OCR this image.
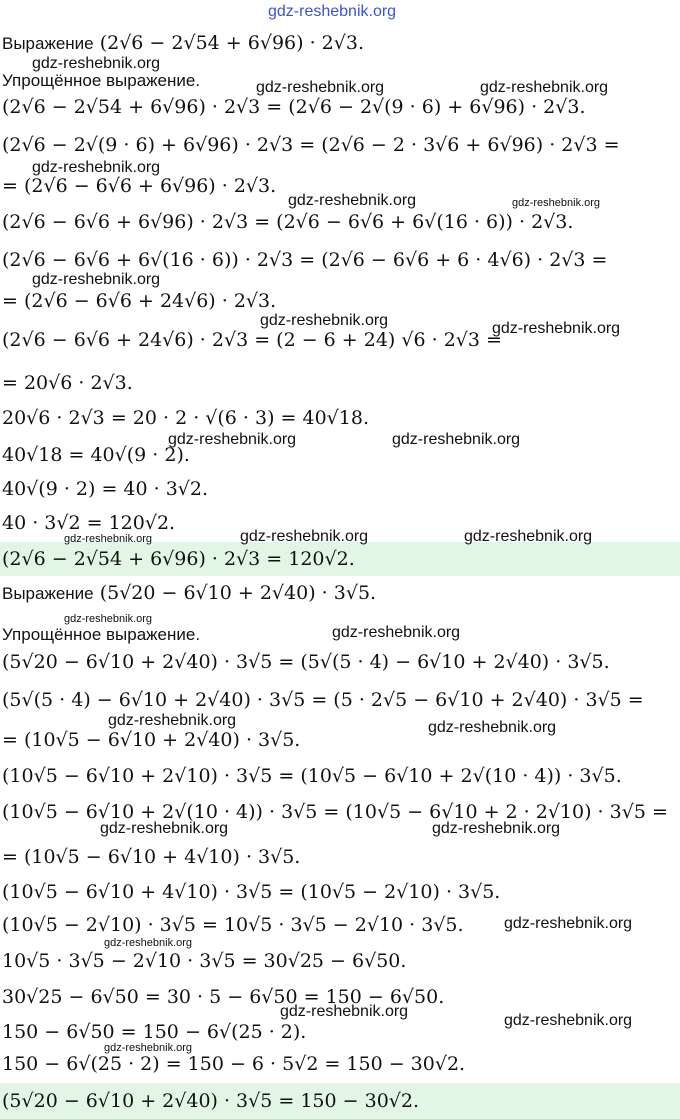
gdz-reshebnik.org
Выражение (2√6 − 2√54 + 6√96) · 2√3.
Упрощённое выражение.
(2√6 − 2√54 + 6√96) · 2√3 = (2√6 − 2√(9 · 6) + 6√96) · 2√3.
(2√6 − 2√(9 · 6) + 6√96) · 2√3 = (2√6 − 2 · 3√6 + 6√96) · 2√3 =
= (2√6 − 6√6 + 6√96) · 2√3.
(2√6 − 6√6 + 6√96) · 2√3 = (2√6 − 6√6 + 6√(16 · 6)) · 2√3.
(2√6 − 6√6 + 6√(16 · 6)) · 2√3 = (2√6 − 6√6 + 6 · 4√6) · 2√3 =
= (2√6 − 6√6 + 24√6) · 2√3.
(2√6 − 6√6 + 24√6) · 2√3 = (2 − 6 + 24) √6 · 2√3 =
= 20√6 · 2√3.
20√6 · 2√3 = 20 · 2 · √(6 · 3) = 40√18.
40√18 = 40√(9 · 2).
40√(9 · 2) = 40 · 3√2.
40 · 3√2 = 120√2.
(2√6 − 2√54 + 6√96) · 2√3 = 120√2.
Выражение (5√20 − 6√10 + 2√40) · 3√5.
Упрощённое выражение.
(5√20 − 6√10 + 2√40) · 3√5 = (5√(5 · 4) − 6√10 + 2√40) · 3√5.
(5√(5 · 4) − 6√10 + 2√40) · 3√5 = (5 · 2√5 − 6√10 + 2√40) · 3√5 =
= (10√5 − 6√10 + 2√40) · 3√5.
(10√5 − 6√10 + 2√10) · 3√5 = (10√5 − 6√10 + 2√(10 · 4)) · 3√5.
(10√5 − 6√10 + 2√(10 · 4)) · 3√5 = (10√5 − 6√10 + 2 · 2√10) · 3√5 =
= (10√5 − 6√10 + 4√10) · 3√5.
(10√5 − 6√10 + 4√10) · 3√5 = (10√5 − 2√10) · 3√5.
(10√5 − 2√10) · 3√5 = 10√5 · 3√5 − 2√10 · 3√5.
10√5 · 3√5 − 2√10 · 3√5 = 30√25 − 6√50.
30√25 − 6√50 = 30 · 5 − 6√50 = 150 − 6√50.
150 − 6√50 = 150 − 6√(25 · 2).
150 − 6√(25 · 2) = 150 − 6 · 5√2 = 150 − 30√2.
(5√20 − 6√10 + 2√40) · 3√5 = 150 − 30√2.
gdz-reshebnik.org
gdz-reshebnik.org	gdz-reshebnik.org
gdz-reshebnik.org
gdz-reshebnik.org	gdz-reshebnik.org
gdz-reshebnik.org
gdz-reshebnik.org	gdz-reshebnik.org
gdz-reshebnik.org	gdz-reshebnik.org
gdz-reshebnik.org	gdz-reshebnik.org	gdz-reshebnik.org
gdz-reshebnik.org
gdz-reshebnik.org
gdz-reshebnik.org	gdz-reshebnik.org
gdz-reshebnik.org	gdz-reshebnik.org
gdz-reshebnik.org
gdz-reshebnik.org
gdz-reshebnik.org
gdz-reshebnik.org
gdz-reshebnik.org
